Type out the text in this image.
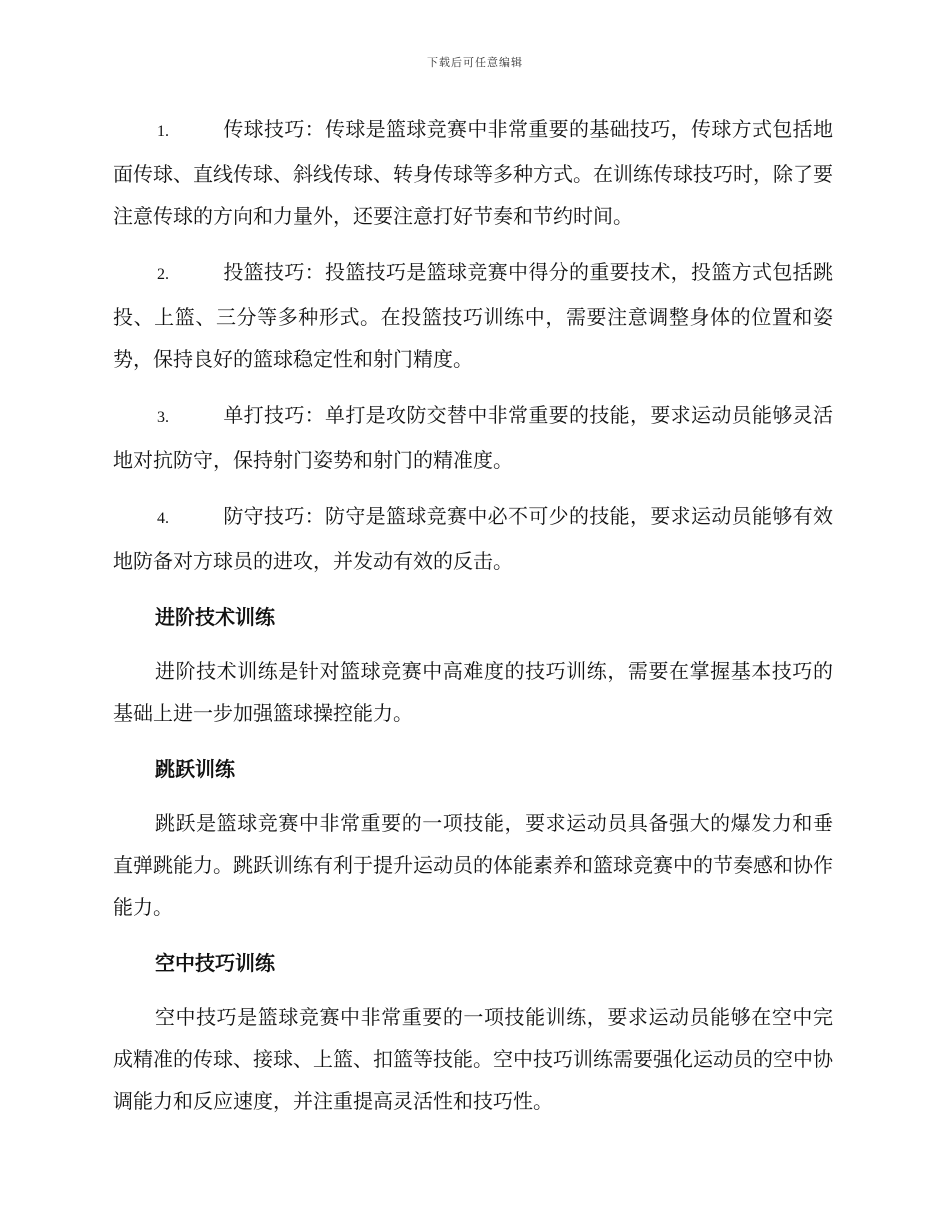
下载后可任意编辑

1.	传球技巧：传球是篮球竞赛中非常重要的基础技巧，传球方式包括地面传球、直线传球、斜线传球、转身传球等多种方式。在训练传球技巧时，除了要注意传球的方向和力量外，还要注意打好节奏和节约时间。

2.	投篮技巧：投篮技巧是篮球竞赛中得分的重要技术，投篮方式包括跳投、上篮、三分等多种形式。在投篮技巧训练中，需要注意调整身体的位置和姿势，保持良好的篮球稳定性和射门精度。

3.	单打技巧：单打是攻防交替中非常重要的技能，要求运动员能够灵活地对抗防守，保持射门姿势和射门的精准度。

4.	防守技巧：防守是篮球竞赛中必不可少的技能，要求运动员能够有效地防备对方球员的进攻，并发动有效的反击。

进阶技术训练

进阶技术训练是针对篮球竞赛中高难度的技巧训练，需要在掌握基本技巧的基础上进一步加强篮球操控能力。

跳跃训练

跳跃是篮球竞赛中非常重要的一项技能，要求运动员具备强大的爆发力和垂直弹跳能力。跳跃训练有利于提升运动员的体能素养和篮球竞赛中的节奏感和协作能力。

空中技巧训练

空中技巧是篮球竞赛中非常重要的一项技能训练，要求运动员能够在空中完成精准的传球、接球、上篮、扣篮等技能。空中技巧训练需要强化运动员的空中协调能力和反应速度，并注重提高灵活性和技巧性。
